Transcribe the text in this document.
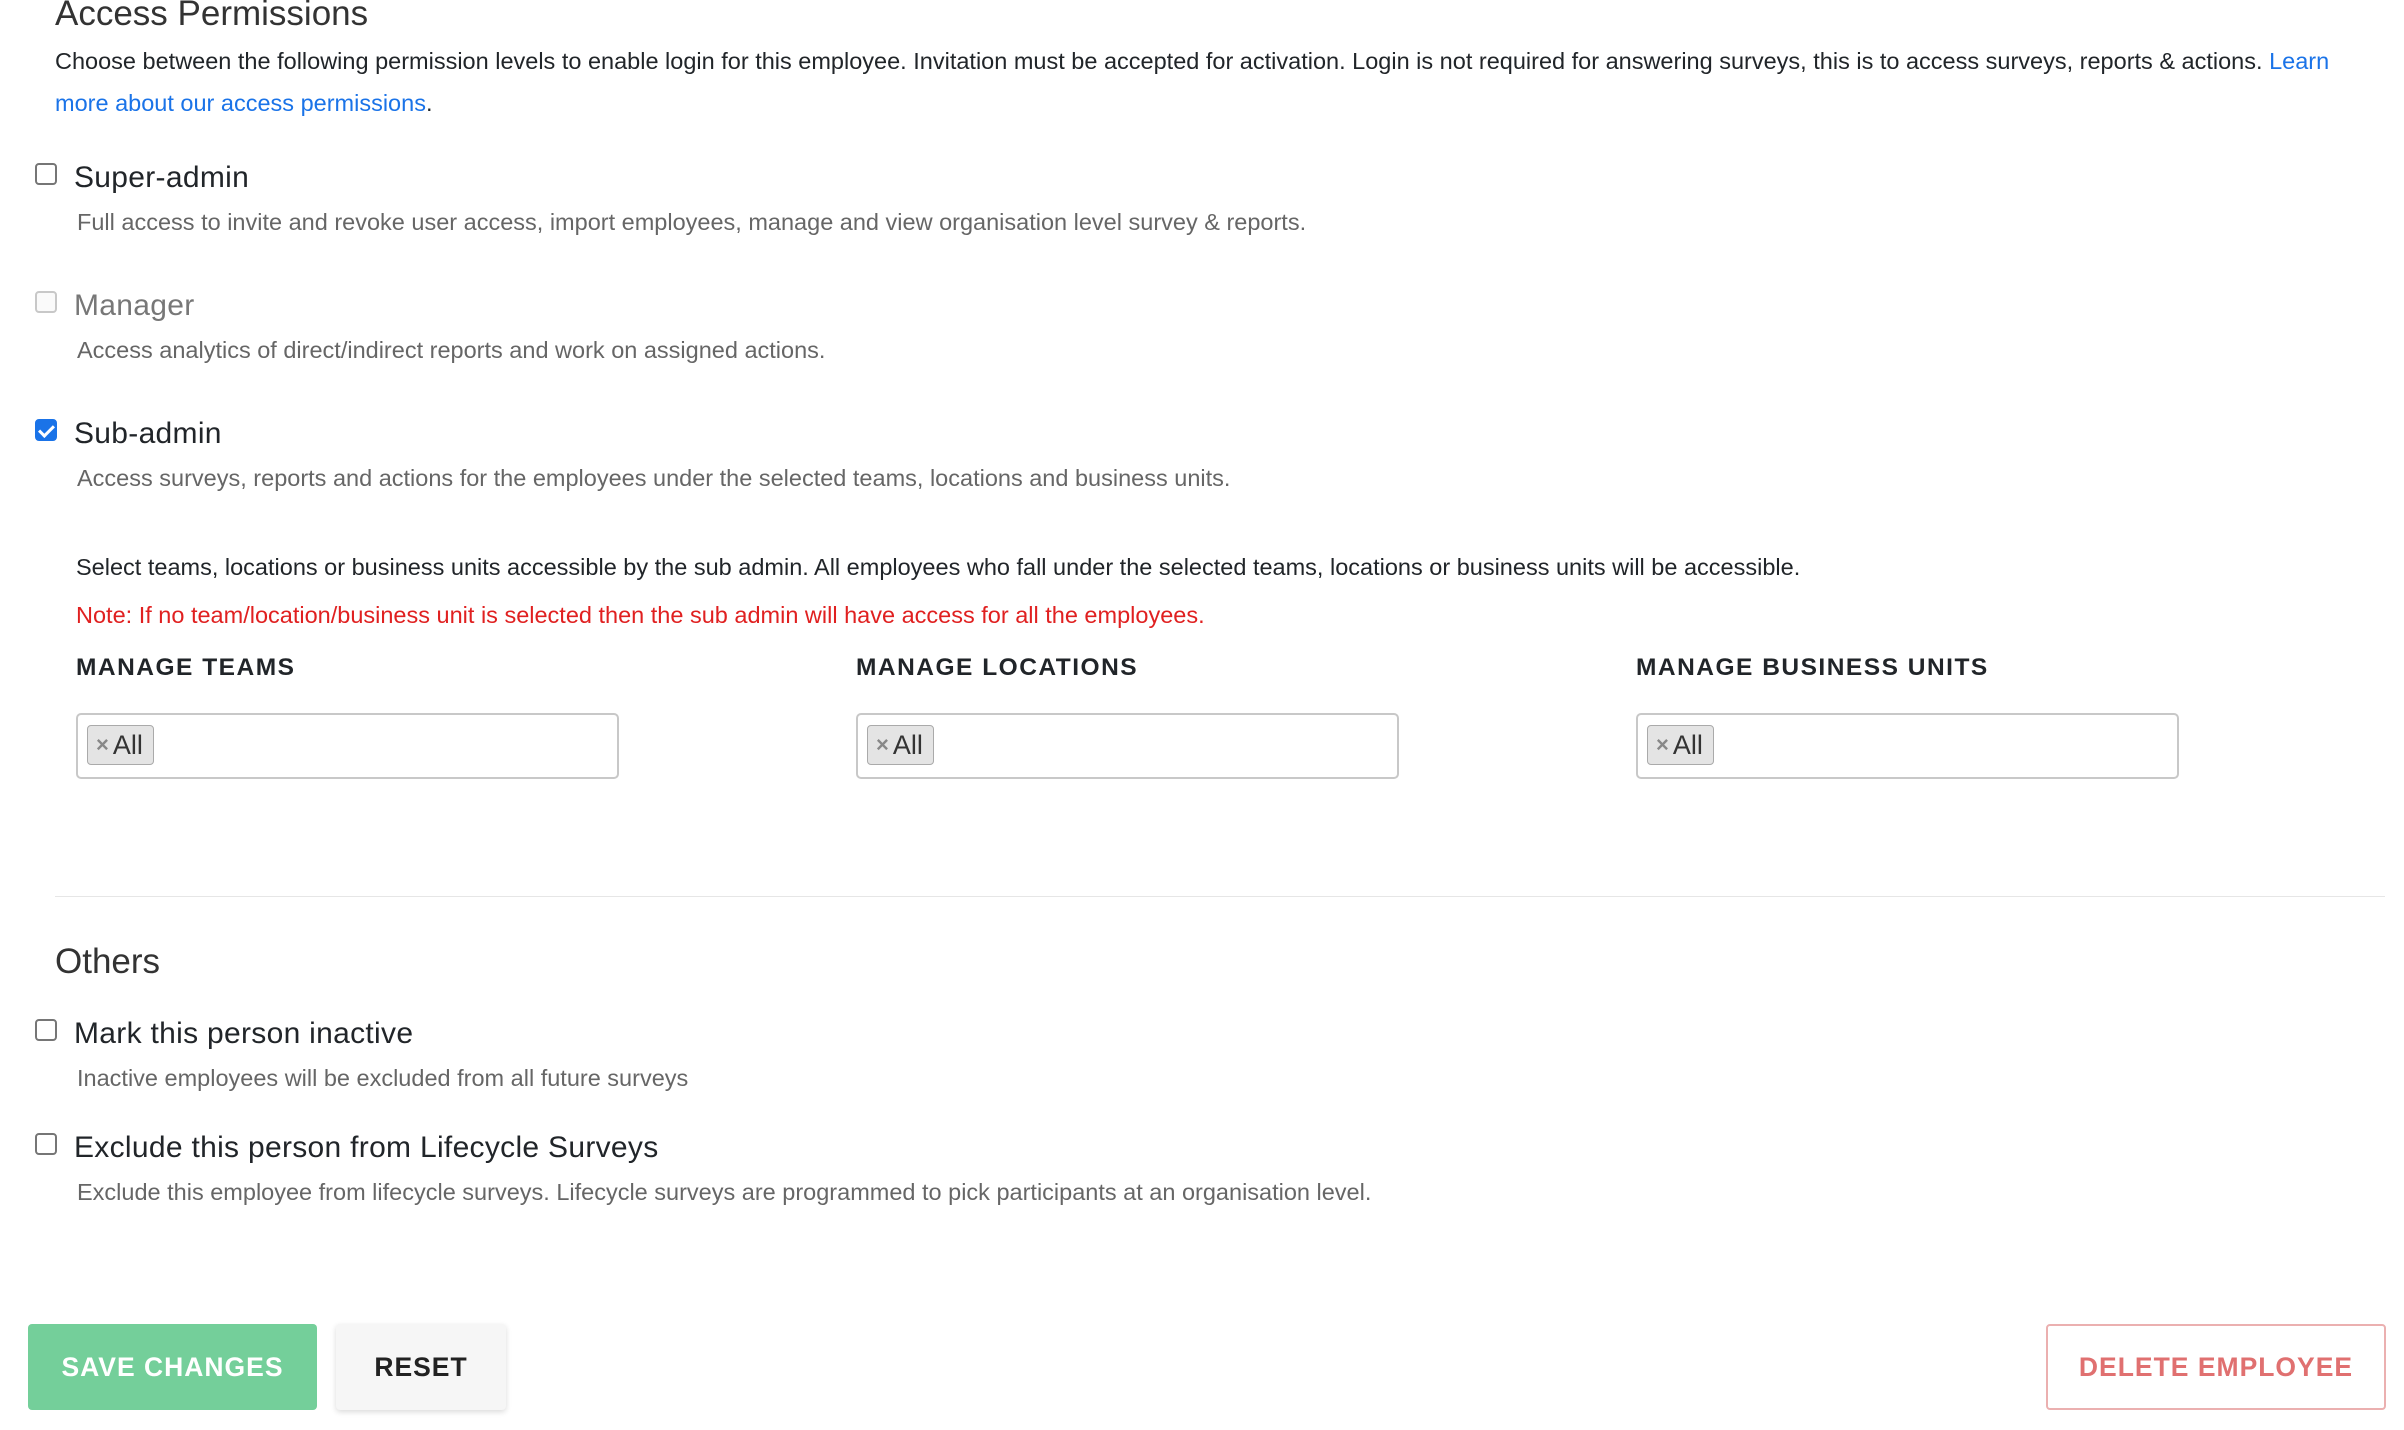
Access Permissions
Choose between the following permission levels to enable login for this employee. Invitation must be accepted for activation. Login is not required for answering surveys, this is to access surveys, reports & actions. Learn more about our access permissions.
Super-admin
Full access to invite and revoke user access, import employees, manage and view organisation level survey & reports.
Manager
Access analytics of direct/indirect reports and work on assigned actions.
Sub-admin
Access surveys, reports and actions for the employees under the selected teams, locations and business units.
Select teams, locations or business units accessible by the sub admin. All employees who fall under the selected teams, locations or business units will be accessible.
Note: If no team/location/business unit is selected then the sub admin will have access for all the employees.
MANAGE TEAMS
× All
MANAGE LOCATIONS
× All
MANAGE BUSINESS UNITS
× All
Others
Mark this person inactive
Inactive employees will be excluded from all future surveys
Exclude this person from Lifecycle Surveys
Exclude this employee from lifecycle surveys. Lifecycle surveys are programmed to pick participants at an organisation level.
SAVE CHANGES	RESET	DELETE EMPLOYEE
